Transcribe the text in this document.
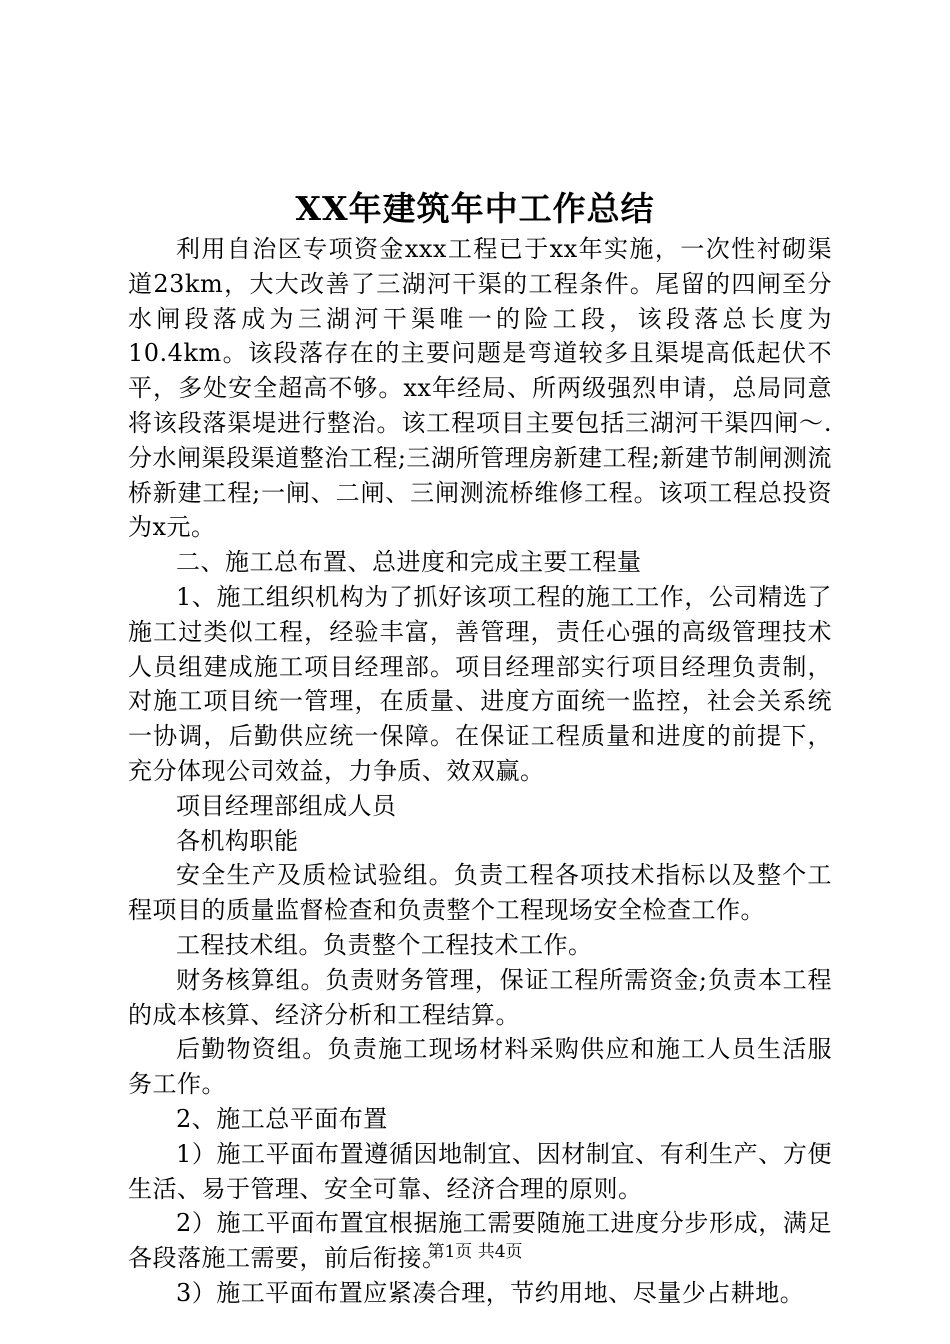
XX年建筑年中工作总结

利用自治区专项资金xxx工程已于xx年实施，一次性衬砌渠道23km，大大改善了三湖河干渠的工程条件。尾留的四闸至分水闸段落成为三湖河干渠唯一的险工段，该段落总长度为10.4km。该段落存在的主要问题是弯道较多且渠堤高低起伏不平，多处安全超高不够。xx年经局、所两级强烈申请，总局同意将该段落渠堤进行整治。该工程项目主要包括三湖河干渠四闸～.分水闸渠段渠道整治工程;三湖所管理房新建工程;新建节制闸测流桥新建工程;一闸、二闸、三闸测流桥维修工程。该项工程总投资为x元。

二、施工总布置、总进度和完成主要工程量

1、施工组织机构为了抓好该项工程的施工工作，公司精选了施工过类似工程，经验丰富，善管理，责任心强的高级管理技术人员组建成施工项目经理部。项目经理部实行项目经理负责制，对施工项目统一管理，在质量、进度方面统一监控，社会关系统一协调，后勤供应统一保障。在保证工程质量和进度的前提下，充分体现公司效益，力争质、效双赢。

项目经理部组成人员

各机构职能

安全生产及质检试验组。负责工程各项技术指标以及整个工程项目的质量监督检查和负责整个工程现场安全检查工作。

工程技术组。负责整个工程技术工作。

财务核算组。负责财务管理，保证工程所需资金;负责本工程的成本核算、经济分析和工程结算。

后勤物资组。负责施工现场材料采购供应和施工人员生活服务工作。

2、施工总平面布置

1）施工平面布置遵循因地制宜、因材制宜、有利生产、方便生活、易于管理、安全可靠、经济合理的原则。

2）施工平面布置宜根据施工需要随施工进度分步形成，满足各段落施工需要，前后衔接。

3）施工平面布置应紧凑合理，节约用地、尽量少占耕地。

第1页 共4页
